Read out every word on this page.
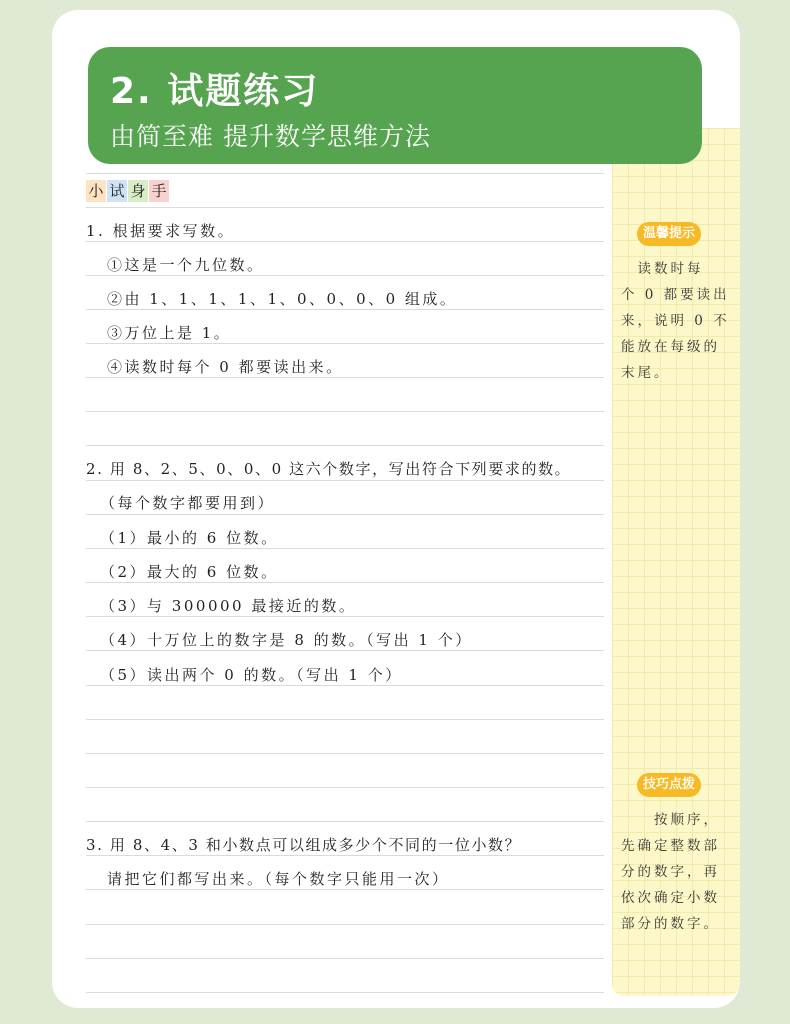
2. 试题练习
由简至难 提升数学思维方法
温馨提示
　读数时每
个 0 都要读出
来，说明 0 不
能放在每级的
末尾。
技巧点拨
　　按顺序，
先确定整数部
分的数字，再
依次确定小数
部分的数字。
小 试 身 手
1. 根据要求写数。
①这是一个九位数。
②由 1、1、1、1、1、0、0、0、0 组成。
③万位上是 1。
④读数时每个 0 都要读出来。
2. 用 8、2、5、0、0、0 这六个数字，写出符合下列要求的数。
（每个数字都要用到）
（1）最小的 6 位数。
（2）最大的 6 位数。
（3）与 300000 最接近的数。
（4）十万位上的数字是 8 的数。（写出 1 个）
（5）读出两个 0 的数。（写出 1 个）
3. 用 8、4、3 和小数点可以组成多少个不同的一位小数？
请把它们都写出来。（每个数字只能用一次）
